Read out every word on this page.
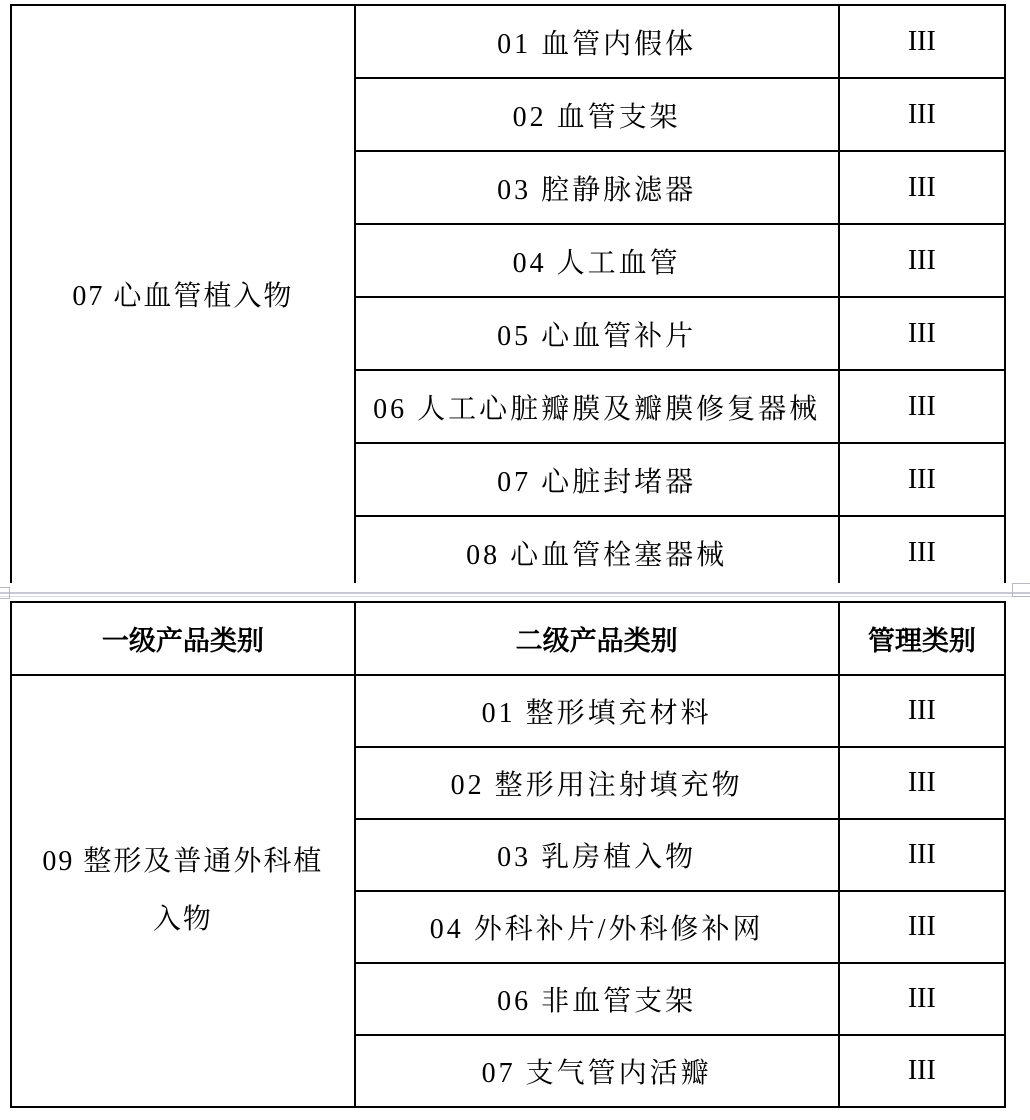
07 心血管植入物	01 血管内假体	III
	02 血管支架	III
	03 腔静脉滤器	III
	04 人工血管	III
	05 心血管补片	III
	06 人工心脏瓣膜及瓣膜修复器械	III
	07 心脏封堵器	III
	08 心血管栓塞器械	III
一级产品类别	二级产品类别	管理类别
09 整形及普通外科植
入物	01 整形填充材料	III
	02 整形用注射填充物	III
	03 乳房植入物	III
	04 外科补片/外科修补网	III
	06 非血管支架	III
	07 支气管内活瓣	III
